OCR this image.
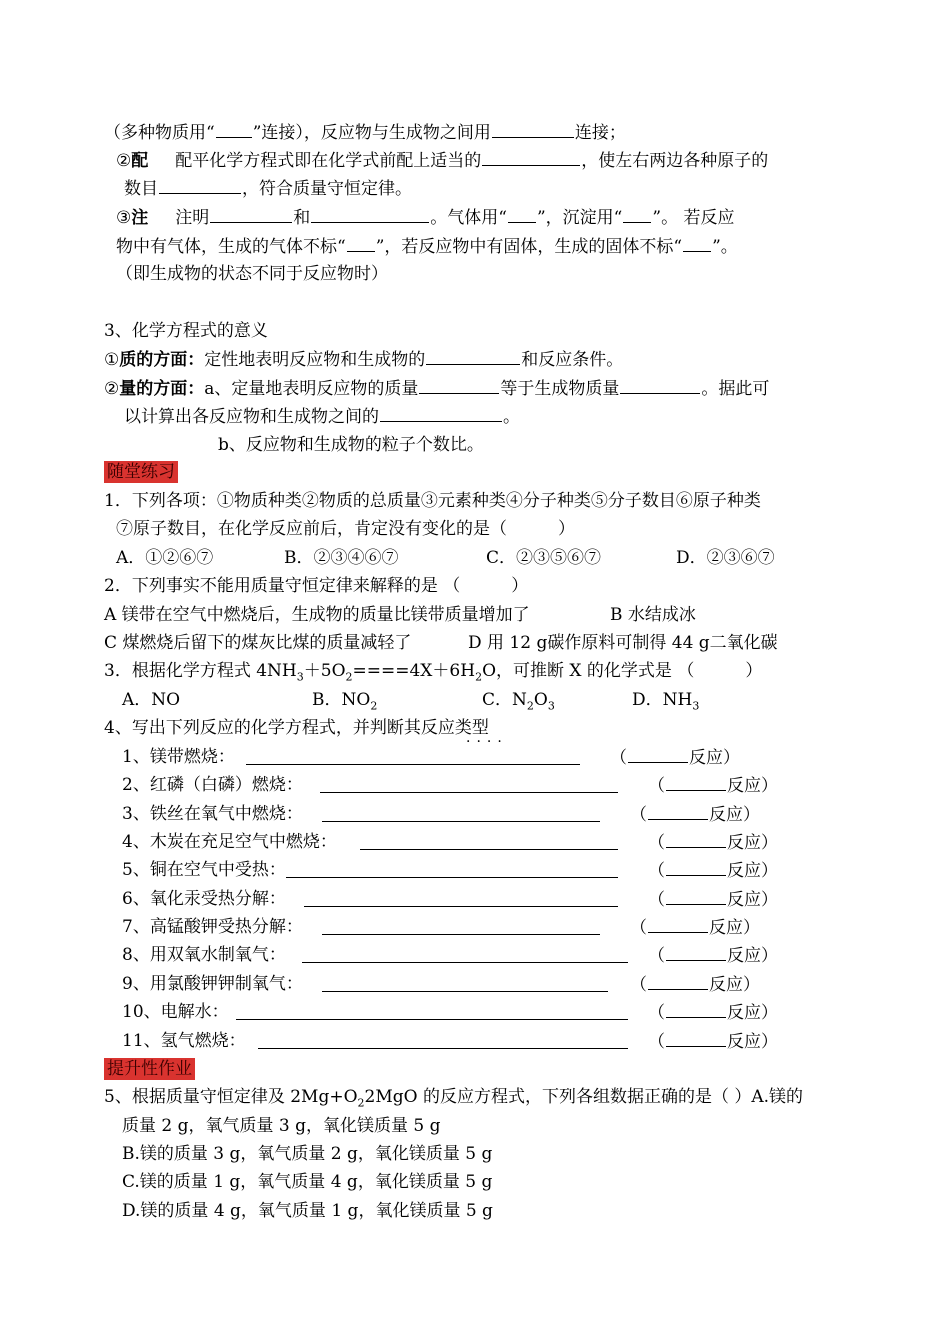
（多种物质用“ ”连接），反应物与生成物之间用	连接；
②配 配平化学方程式即在化学式前配上适当的	，使左右两边各种原子的
数目	，符合质量守恒定律。
③注 注明	和	。气体用“ ”，沉淀用“ ”。 若反应
物中有气体，生成的气体不标“ ”，若反应物中有固体，生成的固体不标“ ”。
（即生成物的状态不同于反应物时）
3、化学方程式的意义
①质的方面：定性地表明反应物和生成物的	和反应条件。
②量的方面：a、定量地表明反应物的质量	等于生成物质量	。据此可
以计算出各反应物和生成物之间的	。
b、反应物和生成物的粒子个数比。
随堂练习
1．下列各项：①物质种类②物质的总质量③元素种类④分子种类⑤分子数目⑥原子种类
⑦原子数目，在化学反应前后，肯定没有变化的是（　　　）
A．①②⑥⑦	B．②③④⑥⑦	C．②③⑤⑥⑦	D．②③⑥⑦
2．下列事实不能用质量守恒定律来解释的是 （　　　）
A 镁带在空气中燃烧后，生成物的质量比镁带质量增加了	B 水结成冰
C 煤燃烧后留下的煤灰比煤的质量减轻了	D 用 12 g碳作原料可制得 44 g二氧化碳
3．根据化学方程式 $4NH_3+5O_2====4X+6H_2O$，可推断 X 的化学式是 （　　　）
A．NO	B．$NO_2$	C．$N_2O_3$	D．$NH_3$
4、写出下列反应的化学方程式，并判断其反应类型
····
1、镁带燃烧：	（	反应）
2、红磷（白磷）燃烧：	（	反应）
3、铁丝在氧气中燃烧：	（	反应）
4、木炭在充足空气中燃烧：	（	反应）
5、铜在空气中受热：	（	反应）
6、氧化汞受热分解：	（	反应）
7、高锰酸钾受热分解：	（	反应）
8、用双氧水制氧气：	（	反应）
9、用氯酸钾钾制氧气：	（	反应）
10、电解水：	（	反应）
11、氢气燃烧：	（	反应）
提升性作业
5、根据质量守恒定律及 $2Mg+O_22MgO$ 的反应方程式，下列各组数据正确的是（ ）A.镁的
质量 2 g，氧气质量 3 g，氧化镁质量 5 g
B.镁的质量 3 g，氧气质量 2 g，氧化镁质量 5 g
C.镁的质量 1 g，氧气质量 4 g，氧化镁质量 5 g
D.镁的质量 4 g，氧气质量 1 g，氧化镁质量 5 g
